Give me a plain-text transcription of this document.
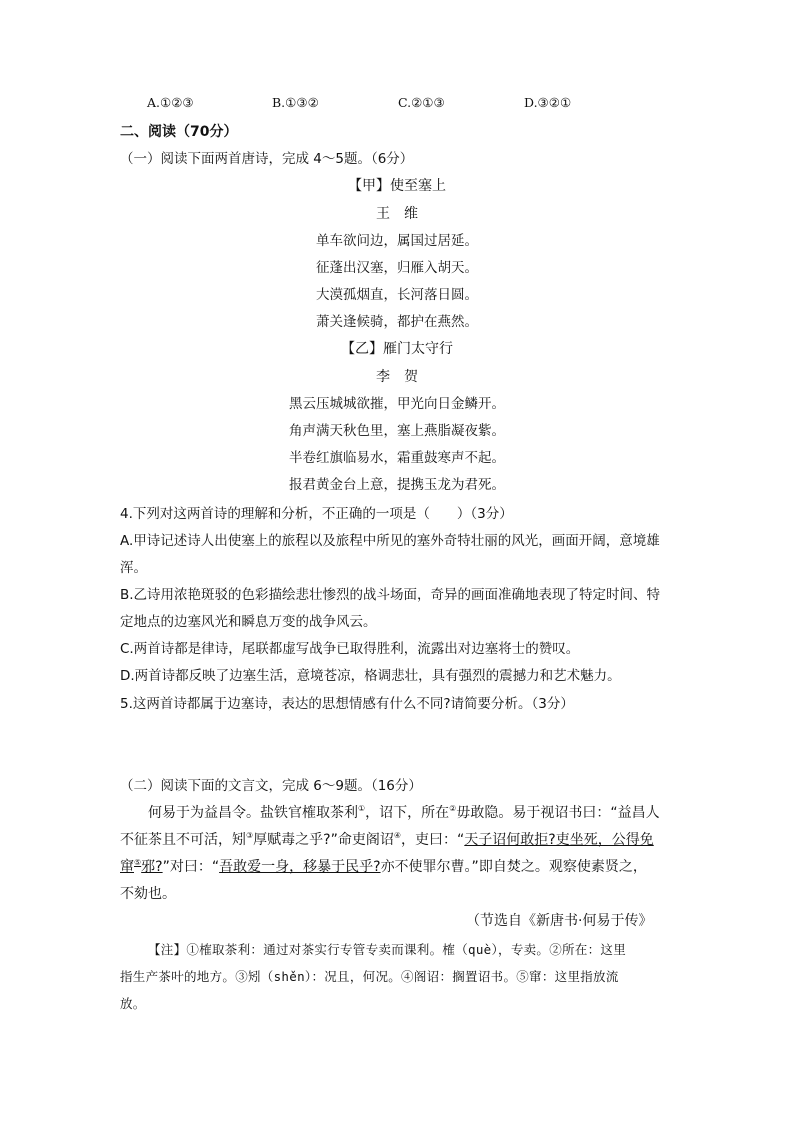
A.①②③	B.①③②	C.②①③	D.③②①
二、阅读（70分）
（一）阅读下面两首唐诗，完成 4～5题。（6分）
【甲】使至塞上
王　维
单车欲问边，属国过居延。
征蓬出汉塞，归雁入胡天。
大漠孤烟直，长河落日圆。
萧关逢候骑，都护在燕然。
【乙】雁门太守行
李　贺
黑云压城城欲摧，甲光向日金鳞开。
角声满天秋色里，塞上燕脂凝夜紫。
半卷红旗临易水，霜重鼓寒声不起。
报君黄金台上意，提携玉龙为君死。
4.下列对这两首诗的理解和分析，不正确的一项是（　　）（3分）
A.甲诗记述诗人出使塞上的旅程以及旅程中所见的塞外奇特壮丽的风光，画面开阔，意境雄
浑。
B.乙诗用浓艳斑驳的色彩描绘悲壮惨烈的战斗场面，奇异的画面准确地表现了特定时间、特
定地点的边塞风光和瞬息万变的战争风云。
C.两首诗都是律诗，尾联都虚写战争已取得胜利，流露出对边塞将士的赞叹。
D.两首诗都反映了边塞生活，意境苍凉，格调悲壮，具有强烈的震撼力和艺术魅力。
5.这两首诗都属于边塞诗，表达的思想情感有什么不同?请简要分析。（3分）
（二）阅读下面的文言文，完成 6～9题。（16分）
何易于为益昌令。盐铁官榷取茶利①，诏下，所在②毋敢隐。易于视诏书曰：“益昌人
不征茶且不可活，矧③厚赋毒之乎?”命吏阁诏④，吏曰：“天子诏何敢拒?吏坐死，公得免
窜⑤邪?”对曰：“吾敢爱一身，移暴于民乎?亦不使罪尔曹。”即自焚之。观察使素贤之，
不劾也。
（节选自《新唐书·何易于传》
【注】①榷取茶利：通过对茶实行专管专卖而课利。榷（què），专卖。②所在：这里
指生产茶叶的地方。③矧（shěn）：况且，何况。④阁诏：搁置诏书。⑤窜：这里指放流
放。
